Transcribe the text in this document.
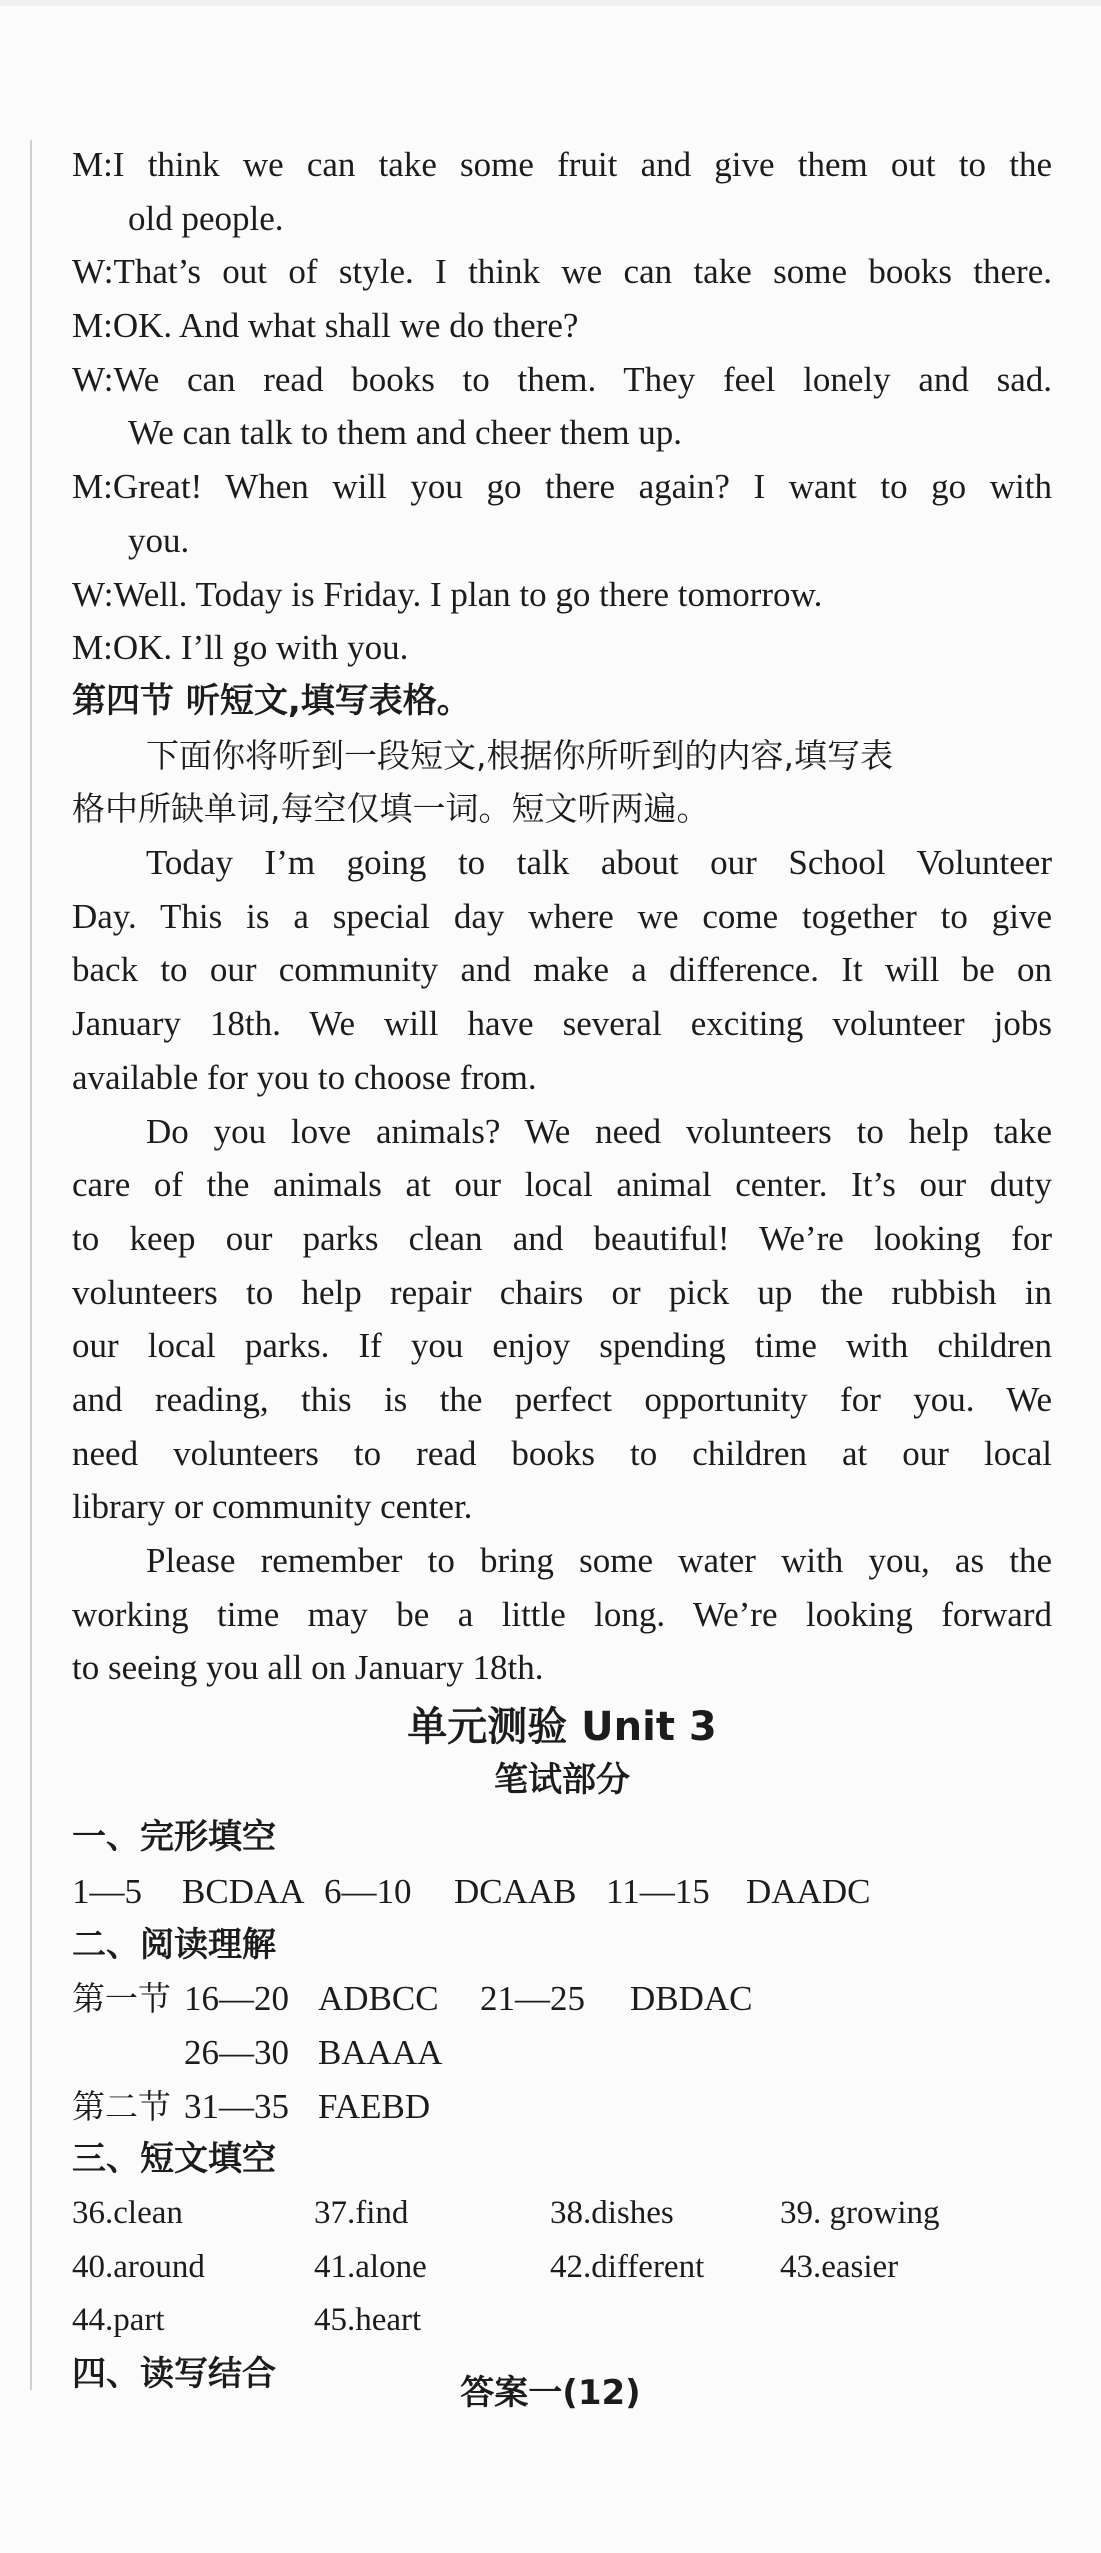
M:I think we can take some fruit and give them out to the
old people.
W:That’s out of style. I think we can take some books there.
M:OK. And what shall we do there?
W:We can read books to them. They feel lonely and sad.
We can talk to them and cheer them up.
M:Great! When will you go there again? I want to go with
you.
W:Well. Today is Friday. I plan to go there tomorrow.
M:OK. I’ll go with you.
第四节 听短文,填写表格。
下面你将听到一段短文,根据你所听到的内容,填写表
格中所缺单词,每空仅填一词。短文听两遍。
Today I’m going to talk about our School Volunteer
Day. This is a special day where we come together to give
back to our community and make a difference. It will be on
January 18th. We will have several exciting volunteer jobs
available for you to choose from.
Do you love animals? We need volunteers to help take
care of the animals at our local animal center. It’s our duty
to keep our parks clean and beautiful! We’re looking for
volunteers to help repair chairs or pick up the rubbish in
our local parks. If you enjoy spending time with children
and reading, this is the perfect opportunity for you. We
need volunteers to read books to children at our local
library or community center.
Please remember to bring some water with you, as the
working time may be a little long. We’re looking forward
to seeing you all on January 18th.
单元测验 Unit 3
笔试部分
一、完形填空
1—5	BCDAA 6—10	DCAAB 11—15	DAADC
二、阅读理解
第一节 16—20 ADBCC	21—25	DBDAC
26—30 BAAAA
第二节 31—35 FAEBD
三、短文填空
36.clean	37.find	38.dishes	39. growing
40.around	41.alone	42.different	43.easier
44.part	45.heart
四、读写结合	答案一(12)
